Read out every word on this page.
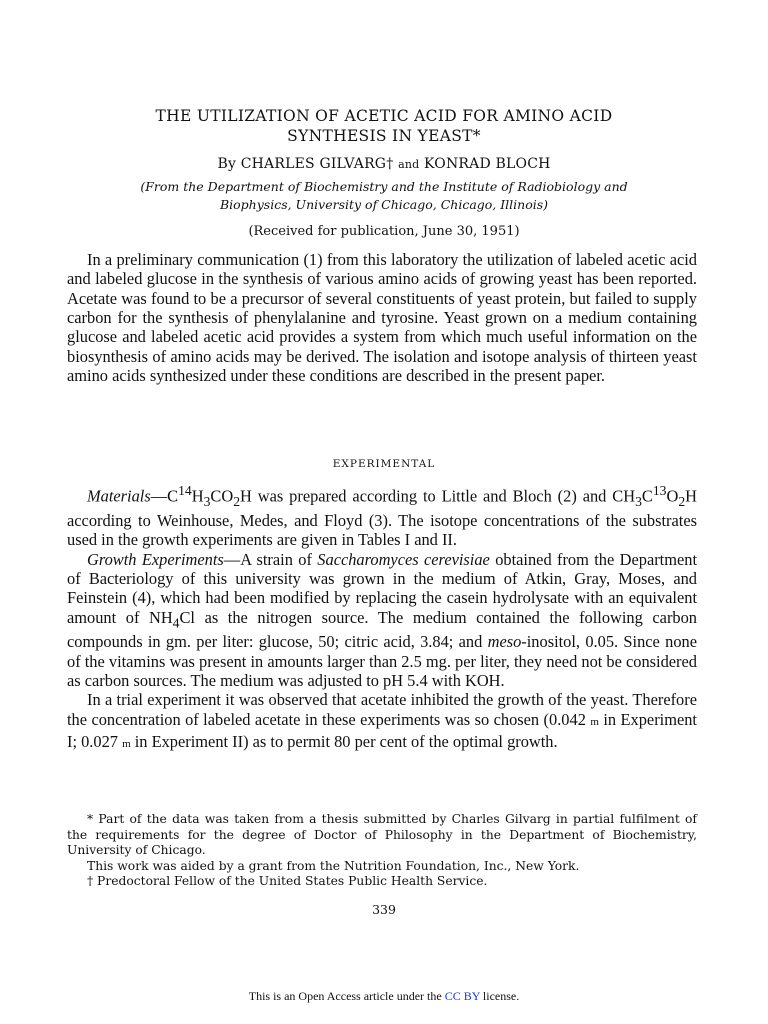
THE UTILIZATION OF ACETIC ACID FOR AMINO ACID
SYNTHESIS IN YEAST*
By CHARLES GILVARG† and KONRAD BLOCH
(From the Department of Biochemistry and the Institute of Radiobiology and
Biophysics, University of Chicago, Chicago, Illinois)
(Received for publication, June 30, 1951)

In a preliminary communication (1) from this laboratory the utilization of labeled acetic acid and labeled glucose in the synthesis of various amino acids of growing yeast has been reported. Acetate was found to be a precursor of several constituents of yeast protein, but failed to supply carbon for the synthesis of phenylalanine and tyrosine. Yeast grown on a medium containing glucose and labeled acetic acid provides a system from which much useful information on the biosynthesis of amino acids may be derived. The isolation and isotope analysis of thirteen yeast amino acids synthesized under these conditions are described in the present paper.

EXPERIMENTAL

$Materials—C^{14}H_3CO_2H$ was prepared according to Little and Bloch (2) and $CH_3C^{13}O_2H$ according to Weinhouse, Medes, and Floyd (3). The isotope concentrations of the substrates used in the growth experiments are given in Tables I and II.

Growth Experiments—A strain of Saccharomyces cerevisiae obtained from the Department of Bacteriology of this university was grown in the medium of Atkin, Gray, Moses, and Feinstein (4), which had been modified by replacing the casein hydrolysate with an equivalent amount of $NH_4Cl$ as the nitrogen source. The medium contained the following carbon compounds in gm. per liter: glucose, 50; citric acid, 3.84; and meso-inositol, 0.05. Since none of the vitamins was present in amounts larger than 2.5 mg. per liter, they need not be considered as carbon sources. The medium was adjusted to pH 5.4 with KOH.

In a trial experiment it was observed that acetate inhibited the growth of the yeast. Therefore the concentration of labeled acetate in these experiments was so chosen (0.042 m in Experiment I; 0.027 m in Experiment II) as to permit 80 per cent of the optimal growth.

* Part of the data was taken from a thesis submitted by Charles Gilvarg in partial fulfilment of the requirements for the degree of Doctor of Philosophy in the Department of Biochemistry, University of Chicago.

This work was aided by a grant from the Nutrition Foundation, Inc., New York.

† Predoctoral Fellow of the United States Public Health Service.

339
This is an Open Access article under the CC BY license.
